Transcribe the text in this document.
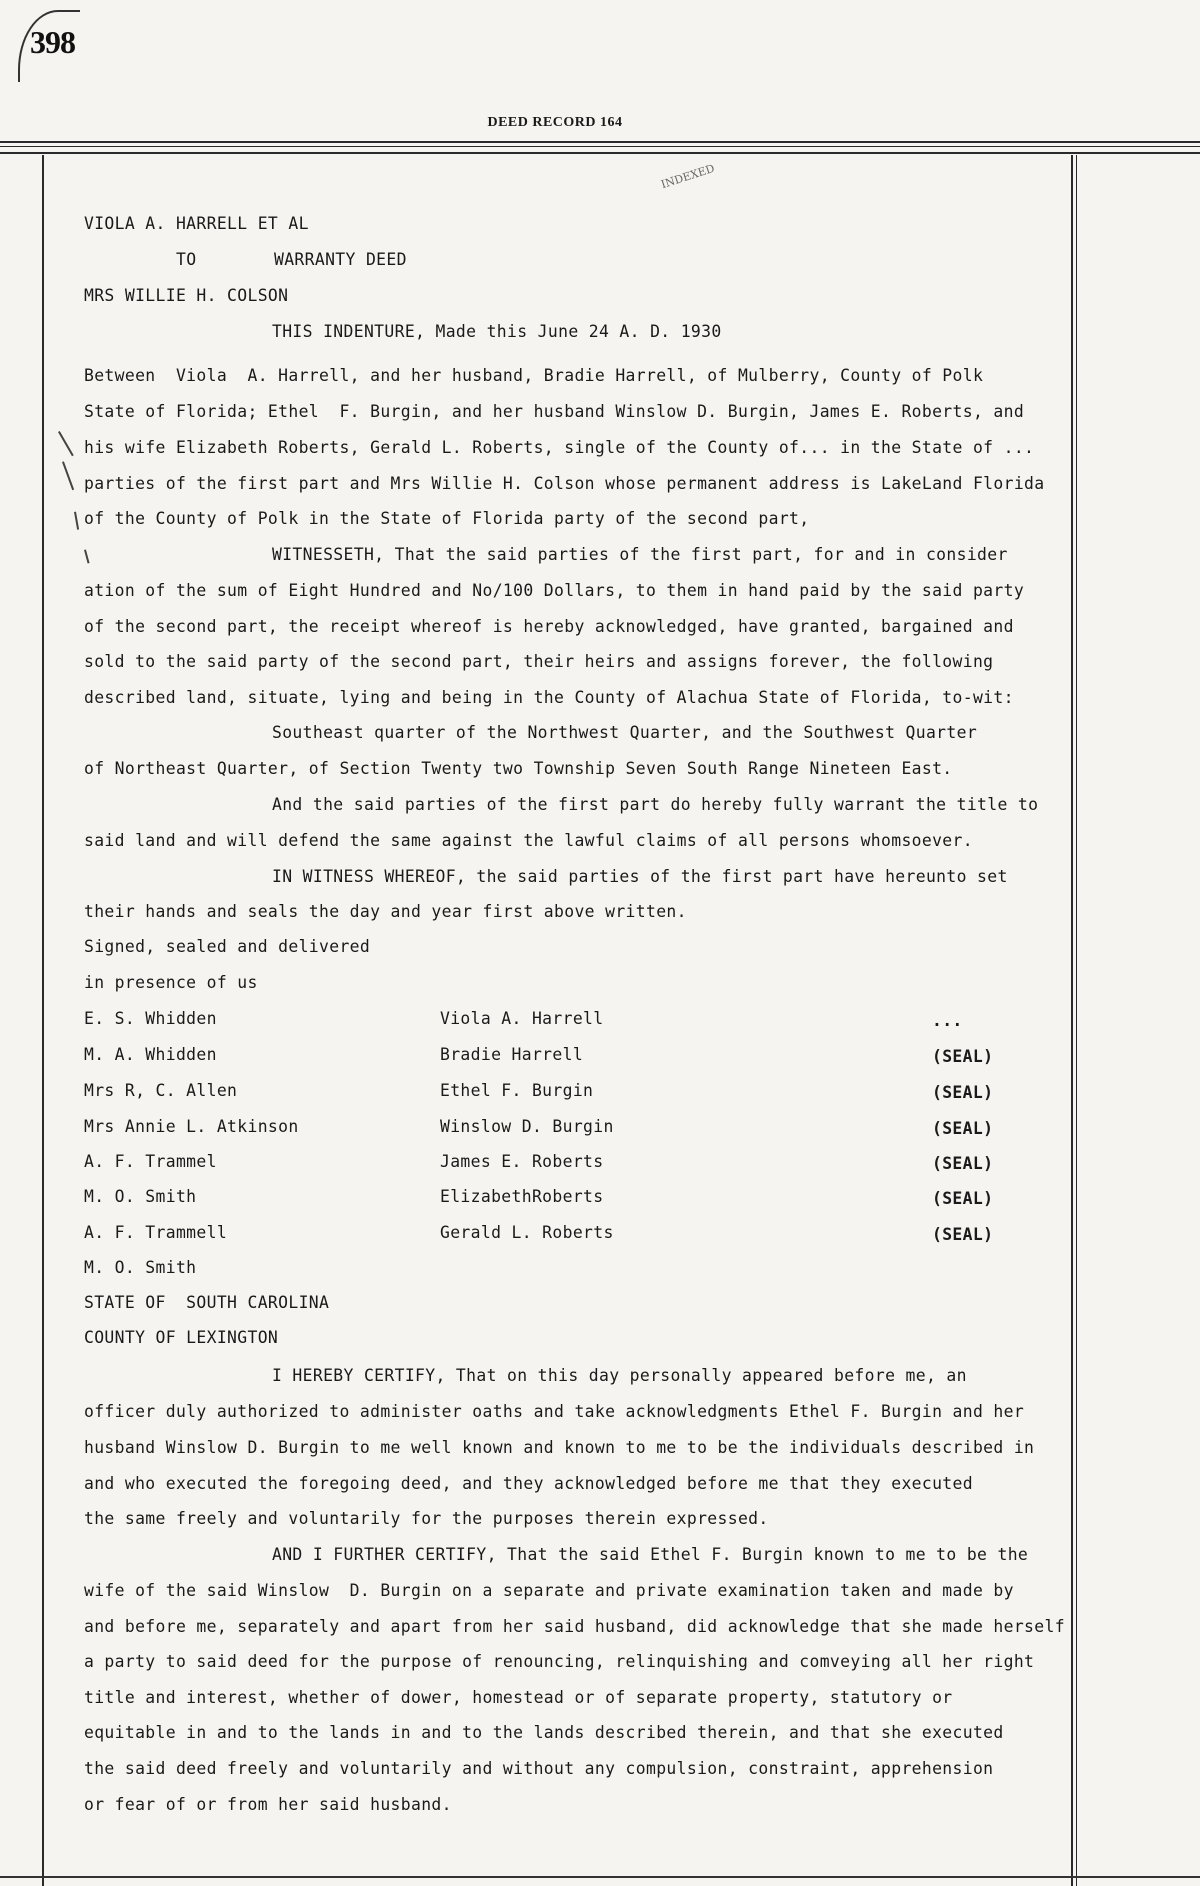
398
DEED RECORD 164
INDEXED
VIOLA A. HARRELL ET AL
TO	WARRANTY DEED
MRS WILLIE H. COLSON
THIS INDENTURE, Made this June 24 A. D. 1930
Between  Viola  A. Harrell, and her husband, Bradie Harrell, of Mulberry, County of Polk
State of Florida; Ethel  F. Burgin, and her husband Winslow D. Burgin, James E. Roberts, and
his wife Elizabeth Roberts, Gerald L. Roberts, single of the County of... in the State of ...
parties of the first part and Mrs Willie H. Colson whose permanent address is LakeLand Florida
of the County of Polk in the State of Florida party of the second part,
WITNESSETH, That the said parties of the first part, for and in consider
ation of the sum of Eight Hundred and No/100 Dollars, to them in hand paid by the said party
of the second part, the receipt whereof is hereby acknowledged, have granted, bargained and
sold to the said party of the second part, their heirs and assigns forever, the following
described land, situate, lying and being in the County of Alachua State of Florida, to-wit:
Southeast quarter of the Northwest Quarter, and the Southwest Quarter
of Northeast Quarter, of Section Twenty two Township Seven South Range Nineteen East.
And the said parties of the first part do hereby fully warrant the title to
said land and will defend the same against the lawful claims of all persons whomsoever.
IN WITNESS WHEREOF, the said parties of the first part have hereunto set
their hands and seals the day and year first above written.
Signed, sealed and delivered
in presence of us
E. S. Whidden	Viola A. Harrell	...
M. A. Whidden	Bradie Harrell	(SEAL)
Mrs R, C. Allen	Ethel F. Burgin	(SEAL)
Mrs Annie L. Atkinson	Winslow D. Burgin	(SEAL)
A. F. Trammel	James E. Roberts	(SEAL)
M. O. Smith	ElizabethRoberts	(SEAL)
A. F. Trammell	Gerald L. Roberts	(SEAL)
M. O. Smith
STATE OF  SOUTH CAROLINA
COUNTY OF LEXINGTON
I HEREBY CERTIFY, That on this day personally appeared before me, an
officer duly authorized to administer oaths and take acknowledgments Ethel F. Burgin and her
husband Winslow D. Burgin to me well known and known to me to be the individuals described in
and who executed the foregoing deed, and they acknowledged before me that they executed
the same freely and voluntarily for the purposes therein expressed.
AND I FURTHER CERTIFY, That the said Ethel F. Burgin known to me to be the
wife of the said Winslow  D. Burgin on a separate and private examination taken and made by
and before me, separately and apart from her said husband, did acknowledge that she made herself
a party to said deed for the purpose of renouncing, relinquishing and comveying all her right
title and interest, whether of dower, homestead or of separate property, statutory or
equitable in and to the lands in and to the lands described therein, and that she executed
the said deed freely and voluntarily and without any compulsion, constraint, apprehension
or fear of or from her said husband.
